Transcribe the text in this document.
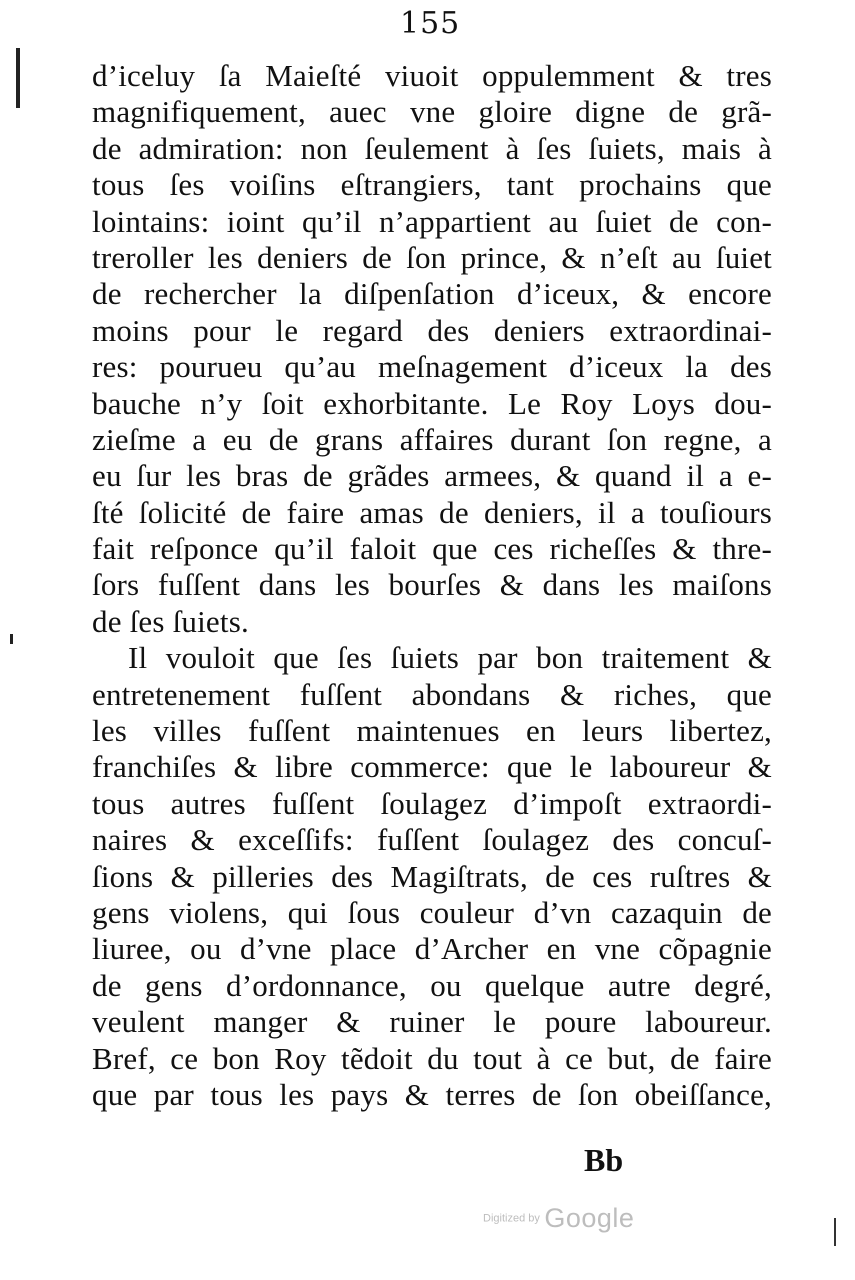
155
d’iceluy ſa Maieſté viuoit oppulemment & tres
magnifiquement, auec vne gloire digne de grã-
de admiration: non ſeulement à ſes ſuiets, mais à
tous ſes voiſins eſtrangiers, tant prochains que
lointains: ioint qu’il n’appartient au ſuiet de con-
treroller les deniers de ſon prince, & n’eſt au ſuiet
de rechercher la diſpenſation d’iceux, & encore
moins pour le regard des deniers extraordinai-
res: pourueu qu’au meſnagement d’iceux la des
bauche n’y ſoit exhorbitante. Le Roy Loys dou-
zieſme a eu de grans affaires durant ſon regne, a
eu ſur les bras de grãdes armees, & quand il a e-
ſté ſolicité de faire amas de deniers, il a touſiours
fait reſponce qu’il faloit que ces richeſſes & thre-
ſors fuſſent dans les bourſes & dans les maiſons
de ſes ſuiets.
Il vouloit que ſes ſuiets par bon traitement &
entretenement fuſſent abondans & riches, que
les villes fuſſent maintenues en leurs libertez,
franchiſes & libre commerce: que le laboureur &
tous autres fuſſent ſoulagez d’impoſt extraordi-
naires & exceſſifs: fuſſent ſoulagez des concuſ-
ſions & pilleries des Magiſtrats, de ces ruſtres &
gens violens, qui ſous couleur d’vn cazaquin de
liuree, ou d’vne place d’Archer en vne cõpagnie
de gens d’ordonnance, ou quelque autre degré,
veulent manger & ruiner le poure laboureur.
Bref, ce bon Roy tẽdoit du tout à ce but, de faire
que par tous les pays & terres de ſon obeiſſance,
Bb
Digitized by Google
